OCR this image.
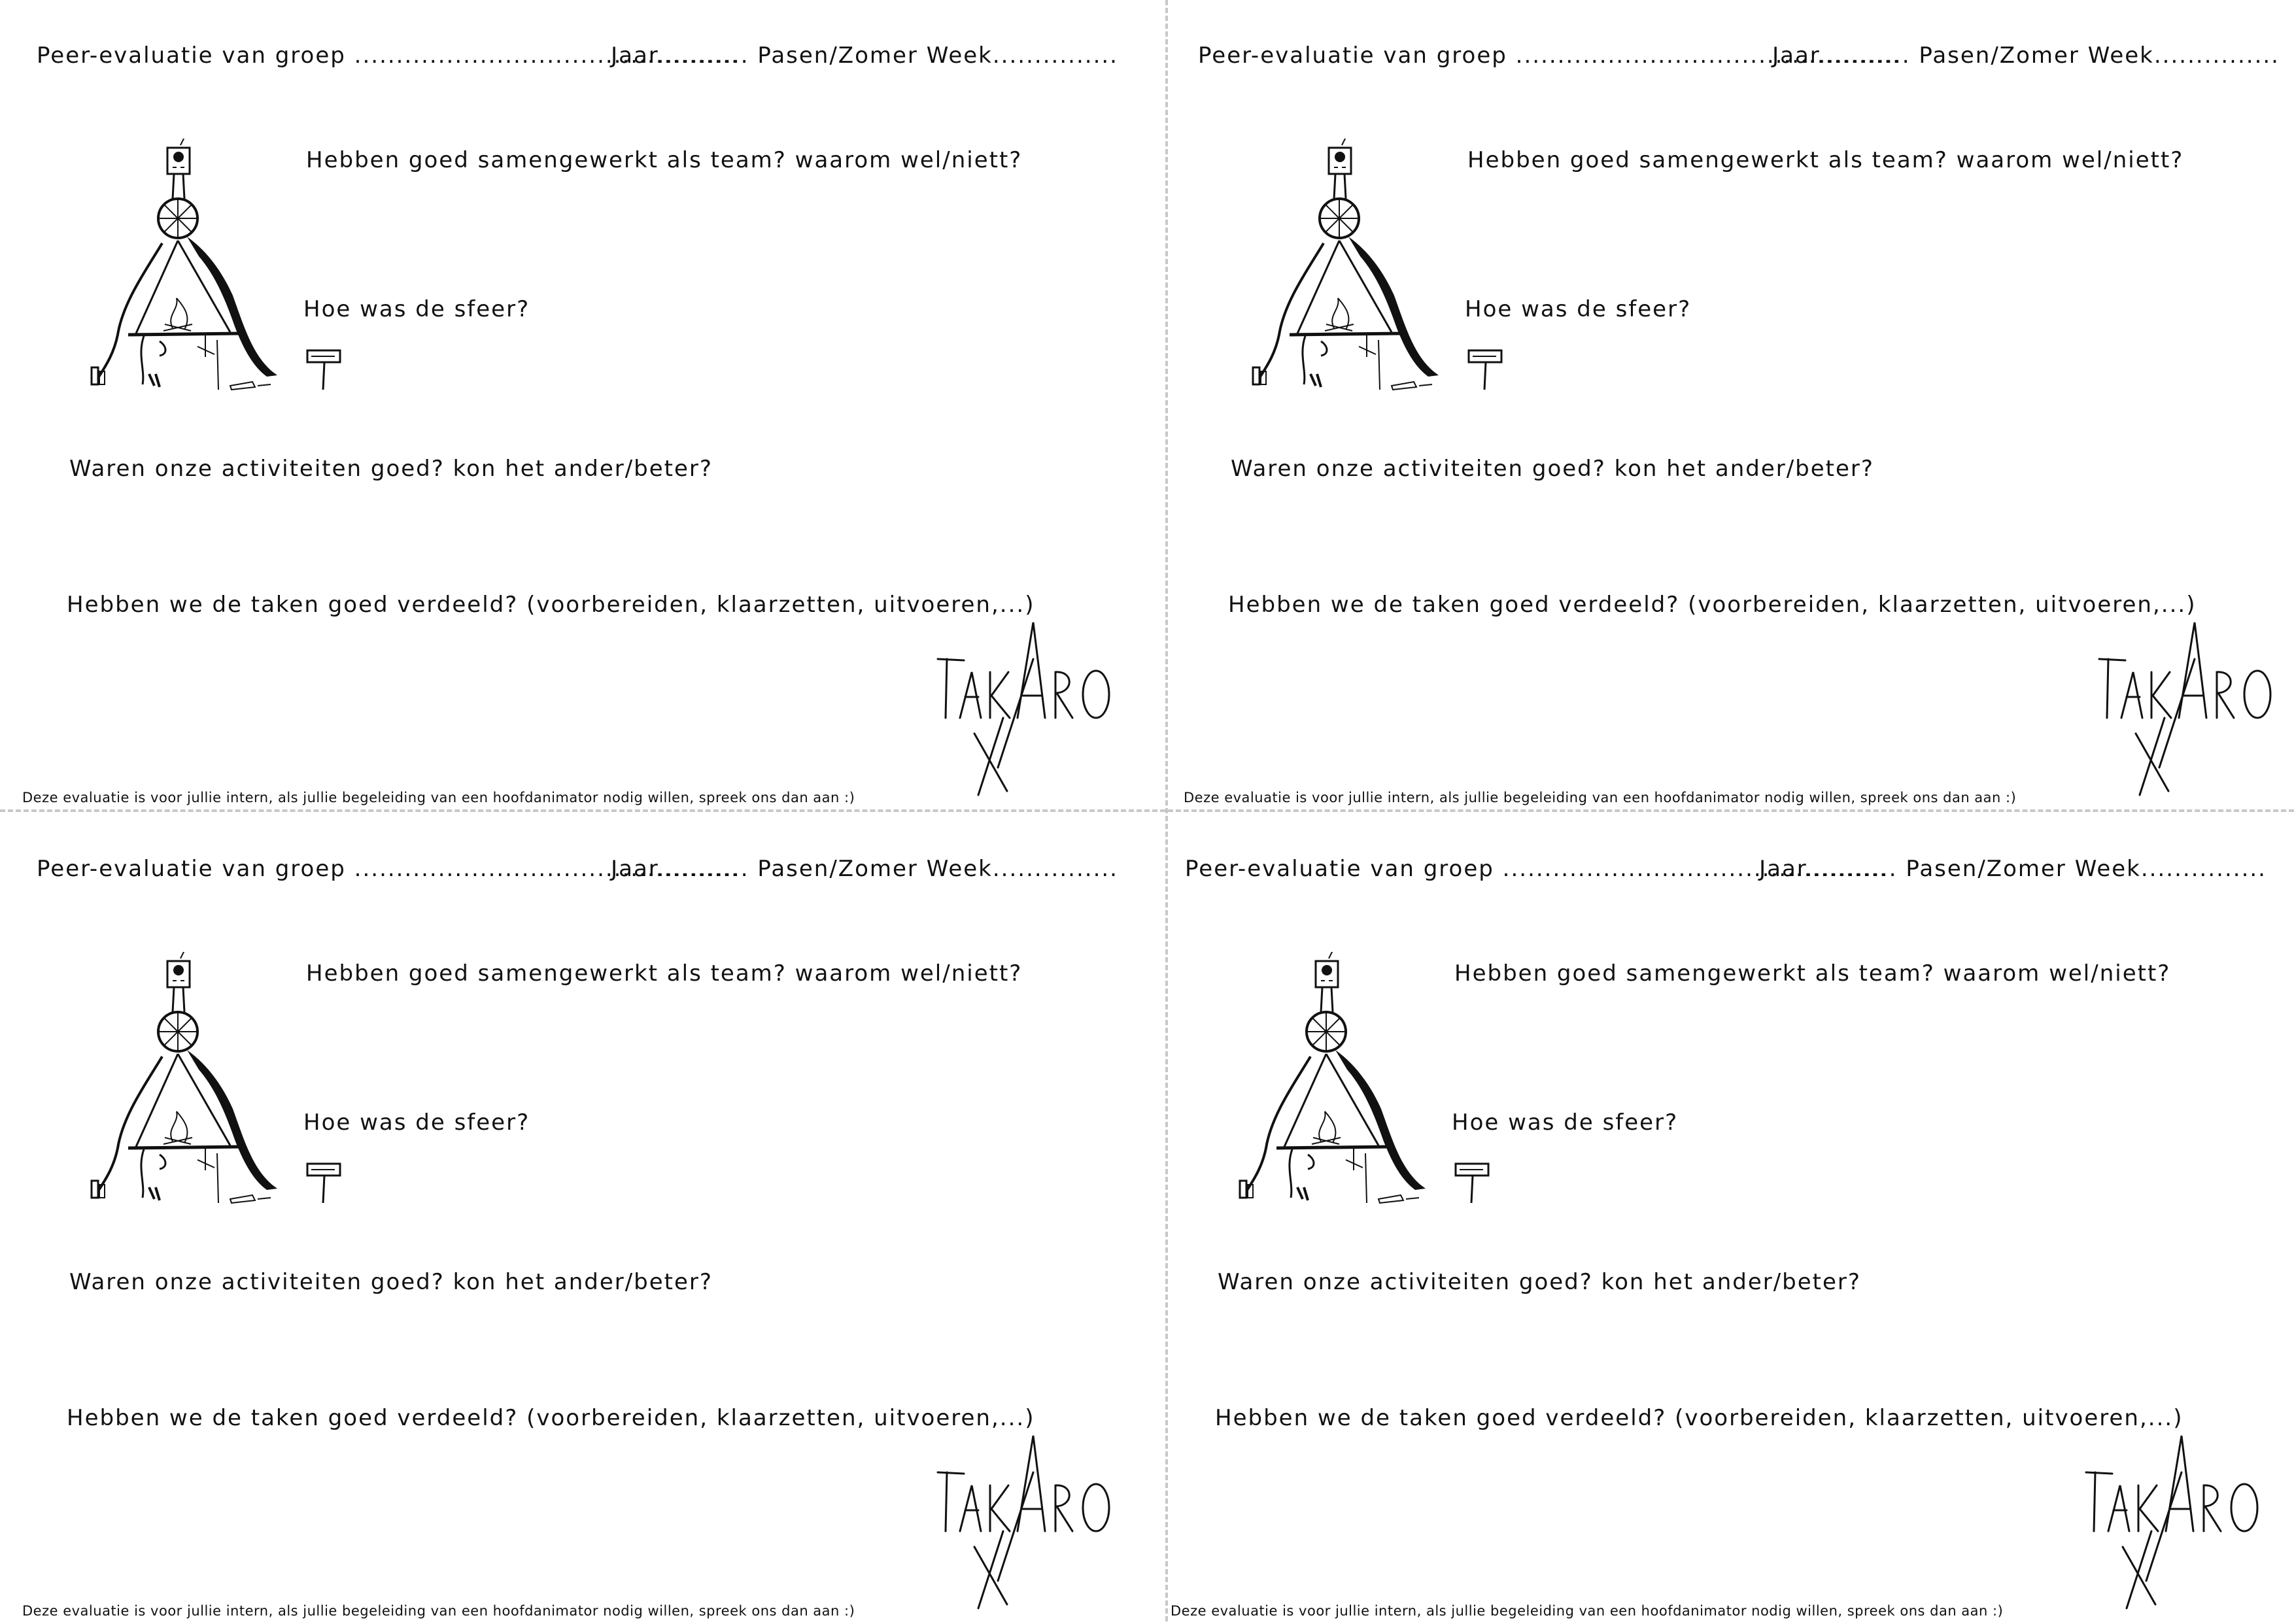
Peer-evaluatie van groep ..............................................

Jaar........... Pasen/Zomer Week...............

Hebben goed samengewerkt als team? waarom wel/niett?

Hoe was de sfeer?

Waren onze activiteiten goed? kon het ander/beter?

Hebben we de taken goed verdeeld? (voorbereiden, klaarzetten, uitvoeren,...)

Deze evaluatie is voor jullie intern, als jullie begeleiding van een hoofdanimator nodig willen, spreek ons dan aan :)

Peer-evaluatie van groep ..............................................

Jaar........... Pasen/Zomer Week...............

Hebben goed samengewerkt als team? waarom wel/niett?

Hoe was de sfeer?

Waren onze activiteiten goed? kon het ander/beter?

Hebben we de taken goed verdeeld? (voorbereiden, klaarzetten, uitvoeren,...)

Deze evaluatie is voor jullie intern, als jullie begeleiding van een hoofdanimator nodig willen, spreek ons dan aan :)

Peer-evaluatie van groep ..............................................

Jaar........... Pasen/Zomer Week...............

Hebben goed samengewerkt als team? waarom wel/niett?

Hoe was de sfeer?

Waren onze activiteiten goed? kon het ander/beter?

Hebben we de taken goed verdeeld? (voorbereiden, klaarzetten, uitvoeren,...)

Deze evaluatie is voor jullie intern, als jullie begeleiding van een hoofdanimator nodig willen, spreek ons dan aan :)

Peer-evaluatie van groep ..............................................

Jaar........... Pasen/Zomer Week...............

Hebben goed samengewerkt als team? waarom wel/niett?

Hoe was de sfeer?

Waren onze activiteiten goed? kon het ander/beter?

Hebben we de taken goed verdeeld? (voorbereiden, klaarzetten, uitvoeren,...)

Deze evaluatie is voor jullie intern, als jullie begeleiding van een hoofdanimator nodig willen, spreek ons dan aan :)
